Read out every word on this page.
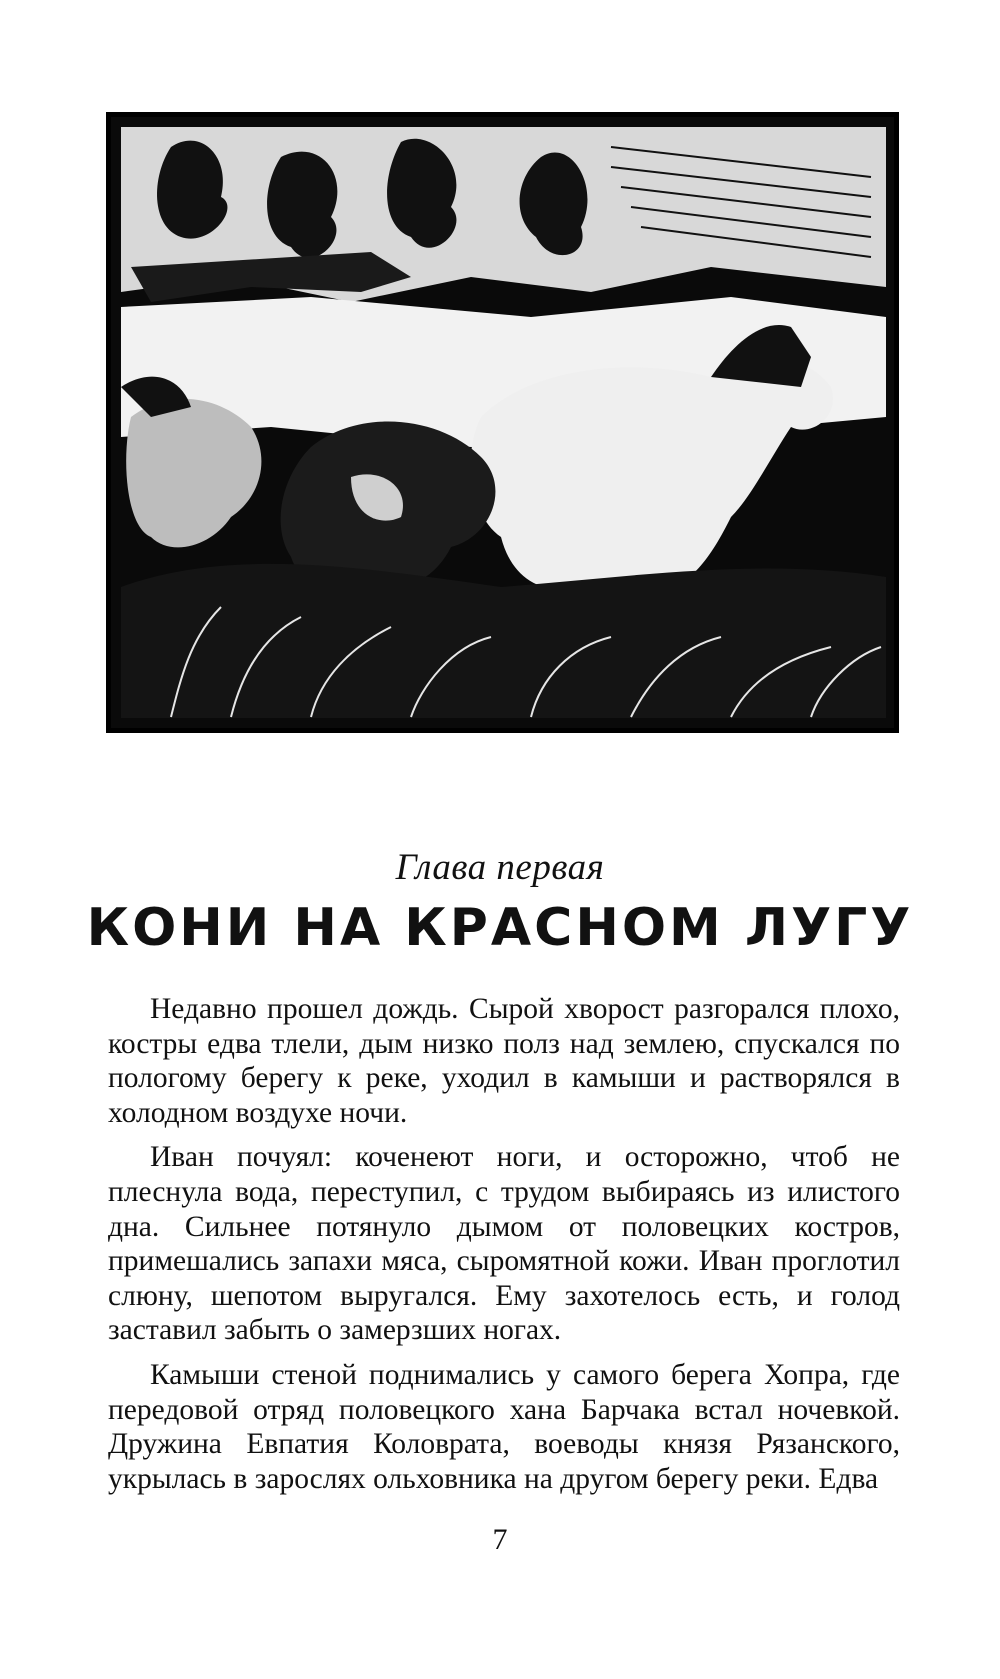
Глава первая
КОНИ НА КРАСНОМ ЛУГУ

Недавно прошел дождь. Сырой хворост разгорался плохо, костры едва тлели, дым низко полз над землею, спускался по пологому берегу к реке, уходил в камыши и растворялся в холодном воздухе ночи.

Иван почуял: коченеют ноги, и осторожно, чтоб не плеснула вода, переступил, с трудом выбираясь из илистого дна. Сильнее потянуло дымом от половецких костров, примешались запахи мяса, сыромятной кожи. Иван проглотил слюну, шепотом выругался. Ему захотелось есть, и голод заставил забыть о замерзших ногах.

Камыши стеной поднимались у самого берега Хопра, где передовой отряд половецкого хана Барчака встал ночевкой. Дружина Евпатия Коловрата, воеводы князя Рязанского, укрылась в зарослях ольховника на другом берегу реки. Едва

7
